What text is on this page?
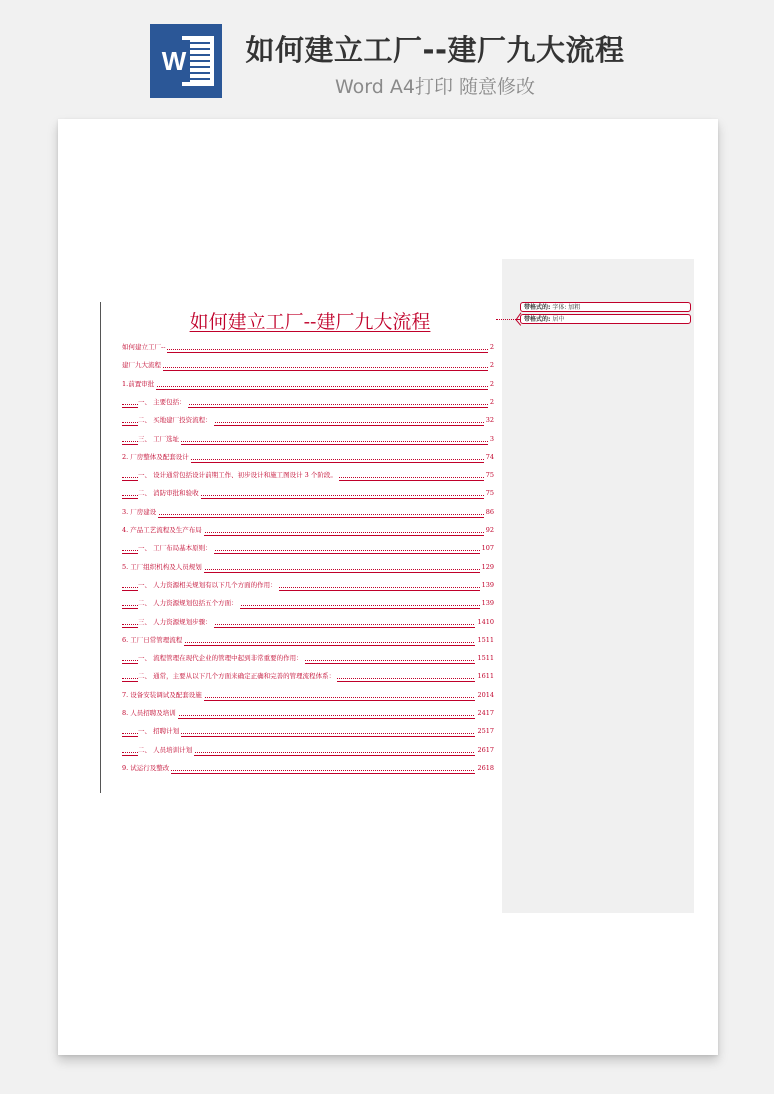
W 如何建立工厂--建厂九大流程
Word A4打印 随意修改
如何建立工厂--建厂九大流程
带格式的: 字体: 加粗
带格式的: 居中
如何建立工厂--	2
建厂九大流程	2
1.前置审批	2
一、 主要包括：	2
二、 买地建厂投资流程：	32
三、 工厂选址	3
2. 厂房整体及配套设计	74
一、 设计通常包括设计前期工作、初步设计和施工图设计 3 个阶段。	75
二、 消防审批和验收	75
3. 厂房建设	86
4. 产品工艺流程及生产布局	92
一、 工厂布局基本原则：	107
5. 工厂组织机构及人员规划	129
一、 人力资源相关规划有以下几个方面的作用：	139
二、 人力资源规划包括五个方面：	139
三、 人力资源规划步骤：	1410
6. 工厂日常管理流程	1511
一、 流程管理在现代企业的管理中起到非常重要的作用：	1511
二、 通常，主要从以下几个方面来确定正确和完善的管理流程体系：	1611
7. 设备安装调试及配套设施	2014
8. 人员招聘及培训	2417
一、 招聘计划	2517
二、 人员培训计划	2617
9. 试运行及整改	2618
